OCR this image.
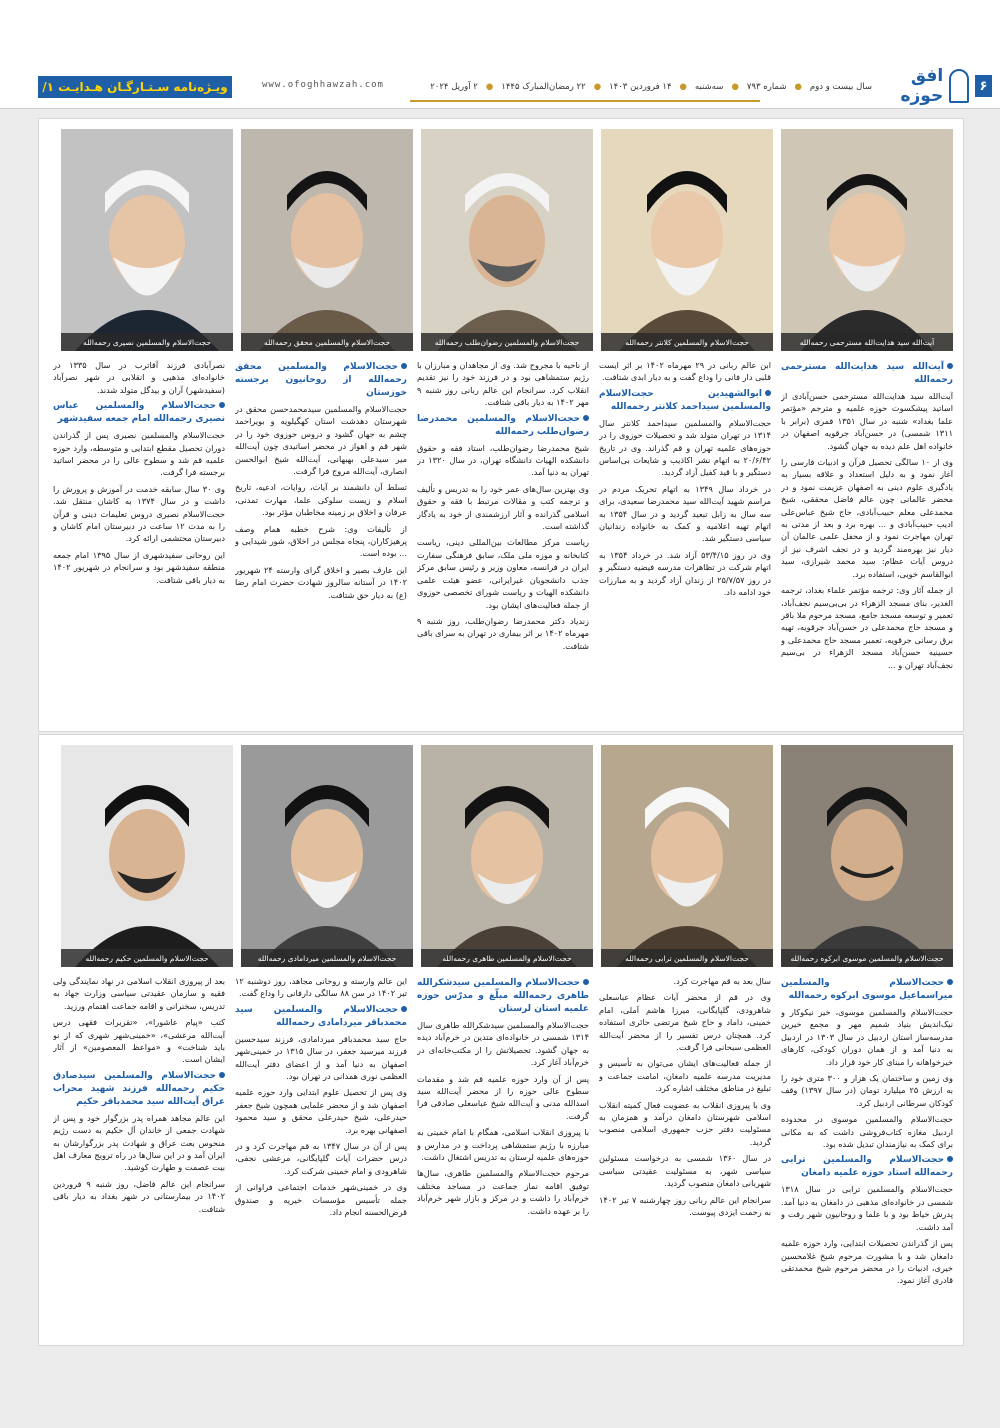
۶
افق حوزه
سال بیست و دوم
●
شماره ۷۹۳
●
سه‌شنبه
●
۱۴ فروردین ۱۴۰۳
●
۲۲ رمضان‌المبارک ۱۴۴۵
●
۲ آوریل ۲۰۲۴
www.ofoghhawzah.com
ویـژه‌نامه سـتـارگـان هـدایـت ۱/
آیت‌الله سید هدایت‌الله مسترحمی رحمه‌الله
حجت‌الاسلام والمسلمین کلانتر رحمه‌الله
حجت‌الاسلام والمسلمین رضوان‌طلب رحمه‌الله
حجت‌الاسلام والمسلمین محقق رحمه‌الله
حجت‌الاسلام والمسلمین نصیری رحمه‌الله
آیت‌الله سید هدایت‌الله مسترحمی رحمه‌الله

آیت‌الله سید هدایت‌الله مسترحمی حسن‌آبادی از اساتید پیشکسوت حوزه علمیه و مترجم «مؤتمر علما بغداد» شنبه در سال ۱۳۵۱ قمری (برابر با ۱۳۱۱ شمسی) در حسن‌آباد جرقویه اصفهان در خانواده اهل علم دیده به جهان گشود.

وی از ۱۰ سالگی تحصیل قرآن و ادبیات فارسی را آغاز نمود و به دلیل استعداد و علاقه بسیار به یادگیری علوم دینی به اصفهان عزیمت نمود و در محضر عالمانی چون عالم فاضل محققی، شیخ محمدعلی معلم حبیب‌آبادی، حاج شیخ عباس‌علی ادیب حبیب‌آبادی و ... بهره برد و بعد از مدتی به تهران مهاجرت نمود و از محفل علمی عالمان آن دیار نیز بهره‌مند گردید و در نجف اشرف نیز از دروس آیات عظام: سید محمد شیرازی، سید ابوالقاسم خویی، استفاده برد.

از جمله آثار وی: ترجمه مؤتمر علماء بغداد، ترجمه الغدیر، بنای مسجد الزهراء در بی‌بی‌سیم نجف‌آباد، تعمیر و توسعه مسجد جامع، مسجد مرحوم ملا باقر و مسجد حاج محمدعلی در حسن‌آباد جرقویه، تهیه برق رسانی جرقویه، تعمیر مسجد حاج محمدعلی و حسینیه حسن‌آباد مسجد الزهراء در بی‌سیم نجف‌آباد تهران و ...

ابن عالم ربانی در ۲۹ مهرماه ۱۴۰۲ بر اثر ایست قلبی دار فانی را وداع گفت و به دیار ابدی شتافت.

ابوالشهیدین حجت‌الاسلام والمسلمین سیداحمد کلانتر رحمه‌الله

حجت‌الاسلام والمسلمین سیداحمد کلانتر سال ۱۳۱۴ در تهران متولد شد و تحصیلات حوزوی را در حوزه‌های علمیه تهران و قم گذراند. وی در تاریخ ۲۰/۶/۴۲ به اتهام نشر اکاذیب و شایعات بی‌اساس دستگیر و با قید کفیل آزاد گردید.

در خرداد سال ۱۳۴۹ به اتهام تحریک مردم در مراسم شهید آیت‌الله سید محمدرضا سعیدی، برای سه سال به زابل تبعید گردید و در سال ۱۳۵۴ به اتهام تهیه اعلامیه و کمک به خانواده زندانیان سیاسی دستگیر شد.

وی در روز ۵۳/۴/۱۵ آزاد شد. در خرداد ۱۳۵۴ به اتهام شرکت در تظاهرات مدرسه فیضیه دستگیر و در روز ۲۵/۷/۵۷ از زندان آزاد گردید و به مبارزات خود ادامه داد.

از ناحیه با مجروح شد. وی از مجاهدان و مبارزان با رژیم ستمشاهی بود و در فرزند خود را نیز تقدیم انقلاب کرد. سرانجام این عالم ربانی روز شنبه ۹ مهر ۱۴۰۲ به دیار باقی شتافت.

حجت‌الاسلام والمسلمین محمدرضا رضوان‌طلب رحمه‌الله

شیخ محمدرضا رضوان‌طلب، استاد فقه و حقوق دانشکده الهیات دانشگاه تهران، در سال ۱۳۲۰ در تهران به دنیا آمد.

وی بهترین سال‌های عمر خود را به تدریس و تألیف و ترجمه کتب و مقالات مرتبط با فقه و حقوق اسلامی گذرانده و آثار ارزشمندی از خود به یادگار گذاشته است.

ریاست مرکز مطالعات بین‌المللی دینی، ریاست کتابخانه و موزه ملی ملک، سابق فرهنگی سفارت ایران در فرانسه، معاون وزیر و رئیس سابق مرکز جذب دانشجویان غیرایرانی، عضو هیئت علمی دانشکده الهیات و ریاست شورای تخصصی حوزوی از جمله فعالیت‌های ایشان بود.

زندیاد دکتر محمدرضا رضوان‌طلب، روز شنبه ۹ مهرماه ۱۴۰۲ بر اثر بیماری در تهران به سرای باقی شتافت.

حجت‌الاسلام والمسلمین محقق رحمه‌الله از روحانیون برجسته خوزستان

حجت‌الاسلام والمسلمین سیدمحمدحسن محقق در شهرستان دهدشت استان کهگیلویه و بویراحمد چشم به جهان گشود و دروس حوزوی خود را در شهر قم و اهواز در محضر اساتیدی چون آیت‌الله میر سیدعلی بهبهانی، آیت‌الله شیخ ابوالحسن انصاری، آیت‌الله مروج فرا گرفت.

تسلط آن دانشمند بر آیات، روایات، ادعیه، تاریخ اسلام و زیست سلوکی علما، مهارت تمدنی، عرفان و اخلاق بر زمینه مخاطبان مؤثر بود.

از تألیفات وی: شرح خطبه همام وصف پرهیزکاران، پنجاه مجلس در اخلاق، شور شیدایی و ... بوده است.

این عارف بصیر و اخلاق گرای وارسته ۲۴ شهریور ۱۴۰۲ در آستانه سالروز شهادت حضرت امام رضا (ع) به دیار حق شتافت.

نصرآبادی فرزند آقاترب در سال ۱۳۳۵ در خانواده‌ای مذهبی و انقلابی در شهر نصرآباد (سفیدشهر) آران و بیدگل متولد شدند.

حجت‌الاسلام والمسلمین عباس نصیری رحمه‌الله امام جمعه سفیدشهر

حجت‌الاسلام والمسلمین نصیری پس از گذراندن دوران تحصیل مقطع ابتدایی و متوسطه، وارد حوزه علمیه قم شد و سطوح عالی را در محضر اساتید برجسته فرا گرفت.

وی ۳۰ سال سابقه خدمت در آموزش و پرورش را داشت و در سال ۱۳۷۴ به کاشان منتقل شد. حجت‌الاسلام نصیری دروس تعلیمات دینی و قرآن را به مدت ۱۲ ساعت در دبیرستان امام کاشان و دبیرستان محتشمی ارائه کرد.

این روحانی سفیدشهری از سال ۱۳۹۵ امام جمعه منطقه سفیدشهر بود و سرانجام در شهریور ۱۴۰۲ به دیار باقی شتافت.

حجت‌الاسلام والمسلمین موسوی ابرکوه رحمه‌الله
حجت‌الاسلام والمسلمین ترابی رحمه‌الله
حجت‌الاسلام والمسلمین طاهری رحمه‌الله
حجت‌الاسلام والمسلمین میردامادی رحمه‌الله
حجت‌الاسلام والمسلمین حکیم رحمه‌الله
حجت‌الاسلام والمسلمین میراسماعیل موسوی ابرکوه رحمه‌الله

حجت‌الاسلام والمسلمین موسوی، خیر نیکوکار و نیک‌اندیش بنیاد شمیم مهر و مجمع خیرین مدرسه‌ساز استان اردبیل در سال ۱۳۰۳ در اردبیل به دنیا آمد و از همان دوران کودکی، کارهای خیرخواهانه را مبنای کار خود قرار داد.

وی زمین و ساختمان یک هزار و ۳۰۰ متری خود را به ارزش ۲۵ میلیارد تومان (در سال ۱۳۹۷) وقف کودکان سرطانی اردبیل کرد.

حجت‌الاسلام والمسلمین موسوی در محدوده اردبیل مغازه کتاب‌فروشی داشت که به مکانی برای کمک به نیازمندان تبدیل شده بود.

حجت‌الاسلام والمسلمین ترابی رحمه‌الله استاد حوزه علمیه دامغان

حجت‌الاسلام والمسلمین ترابی در سال ۱۳۱۸ شمسی در خانواده‌ای مذهبی در دامغان به دنیا آمد. پدرش خیاط بود و با علما و روحانیون شهر رفت و آمد داشت.

پس از گذراندن تحصیلات ابتدایی، وارد حوزه علمیه دامغان شد و با مشورت مرحوم شیخ غلامحسین خیری، ادبیات را در محضر مرحوم شیخ محمدتقی قادری آغاز نمود.

سال بعد به قم مهاجرت کرد.

وی در قم از محضر آیات عظام عباسعلی شاهرودی، گلپایگانی، میرزا هاشم آملی، امام خمینی، داماد و حاج شیخ مرتضی حائری استفاده کرد. همچنان درس تفسیر را از محضر آیت‌الله العظمی سبحانی فرا گرفت.

از جمله فعالیت‌های ایشان می‌توان به تأسیس و مدیریت مدرسه علمیه دامغان، امامت جماعت و تبلیغ در مناطق مختلف اشاره کرد.

وی با پیروزی انقلاب به عضویت فعال کمیته انقلاب اسلامی شهرستان دامغان درآمد و همزمان به مسئولیت دفتر حزب جمهوری اسلامی منصوب گردید.

در سال ۱۳۶۰ شمسی به درخواست مسئولین سیاسی شهر، به مسئولیت عقیدتی سیاسی شهربانی دامغان منصوب گردید.

سرانجام این عالم ربانی روز چهارشنبه ۷ تیر ۱۴۰۲ به رحمت ایزدی پیوست.

حجت‌الاسلام والمسلمین سیدشکرالله طاهری رحمه‌الله مبلّغ و مدرّس حوزه علمیه استان لرستان

حجت‌الاسلام والمسلمین سیدشکرالله طاهری سال ۱۳۱۴ شمسی در خانواده‌ای متدین در خرم‌آباد دیده به جهان گشود. تحصیلاتش را از مکتب‌خانه‌ای در خرم‌آباد آغاز کرد.

پس از آن وارد حوزه علمیه قم شد و مقدمات سطوح عالی حوزه را از محضر آیت‌الله سید اسدالله مدنی و آیت‌الله شیخ عباسعلی صادقی فرا گرفت.

با پیروزی انقلاب اسلامی، همگام با امام خمینی به مبارزه با رژیم ستمشاهی پرداخت و در مدارس و حوزه‌های علمیه لرستان به تدریس اشتغال داشت.

مرحوم حجت‌الاسلام والمسلمین طاهری، سال‌ها توفیق اقامه نماز جماعت در مساجد مختلف خرم‌آباد را داشت و در مرکز و بازار شهر خرم‌آباد را بر عهده داشت.

این عالم وارسته و روحانی مجاهد، روز دوشنبه ۱۲ تیر ۱۴۰۲ در سن ۸۸ سالگی دارفانی را وداع گفت.

حجت‌الاسلام والمسلمین سید محمدباقر میردامادی رحمه‌الله

حاج سید محمدباقر میردامادی، فرزند سیدحسین فرزند میرسید جعفر، در سال ۱۳۱۵ در خمینی‌شهر اصفهان به دنیا آمد و از اعضای دفتر آیت‌الله العظمی نوری همدانی در تهران بود.

وی پس از تحصیل علوم ابتدایی وارد حوزه علمیه اصفهان شد و از محضر علمایی همچون شیخ جعفر حیدرعلی، شیخ حیدرعلی محقق و سید محمود اصفهانی بهره برد.

پس از آن در سال ۱۳۴۷ به قم مهاجرت کرد و در درس حضرات آیات گلپایگانی، مرعشی نجفی، شاهرودی و امام خمینی شرکت کرد.

وی در خمینی‌شهر خدمات اجتماعی فراوانی از جمله تأسیس مؤسسات خیریه و صندوق قرض‌الحسنه انجام داد.

بعد از پیروزی انقلاب اسلامی در نهاد نمایندگی ولی فقیه و سازمان عقیدتی سیاسی وزارت جهاد به تدریس، سخنرانی و اقامه جماعت اهتمام ورزید.

کتب «پیام عاشورا»، «تقریرات فقهی درس آیت‌الله مرعشی»، «خمینی‌شهر شهری که از نو باید شناخت» و «مواعظ المعصومین» از آثار ایشان است.

حجت‌الاسلام والمسلمین سیدصادق حکیم رحمه‌الله فرزند شهید محراب عراق آیت‌الله سید محمدباقر حکیم

این عالم مجاهد همراه پدر بزرگوار خود و پس از شهادت جمعی از خاندان آل حکیم به دست رژیم منحوس بعث عراق و شهادت پدر بزرگوارشان به ایران آمد و در این سال‌ها در راه ترویج معارف اهل بیت عصمت و طهارت کوشید.

سرانجام این عالم فاضل، روز شنبه ۹ فروردین ۱۴۰۲ در بیمارستانی در شهر بغداد به دیار باقی شتافت.
